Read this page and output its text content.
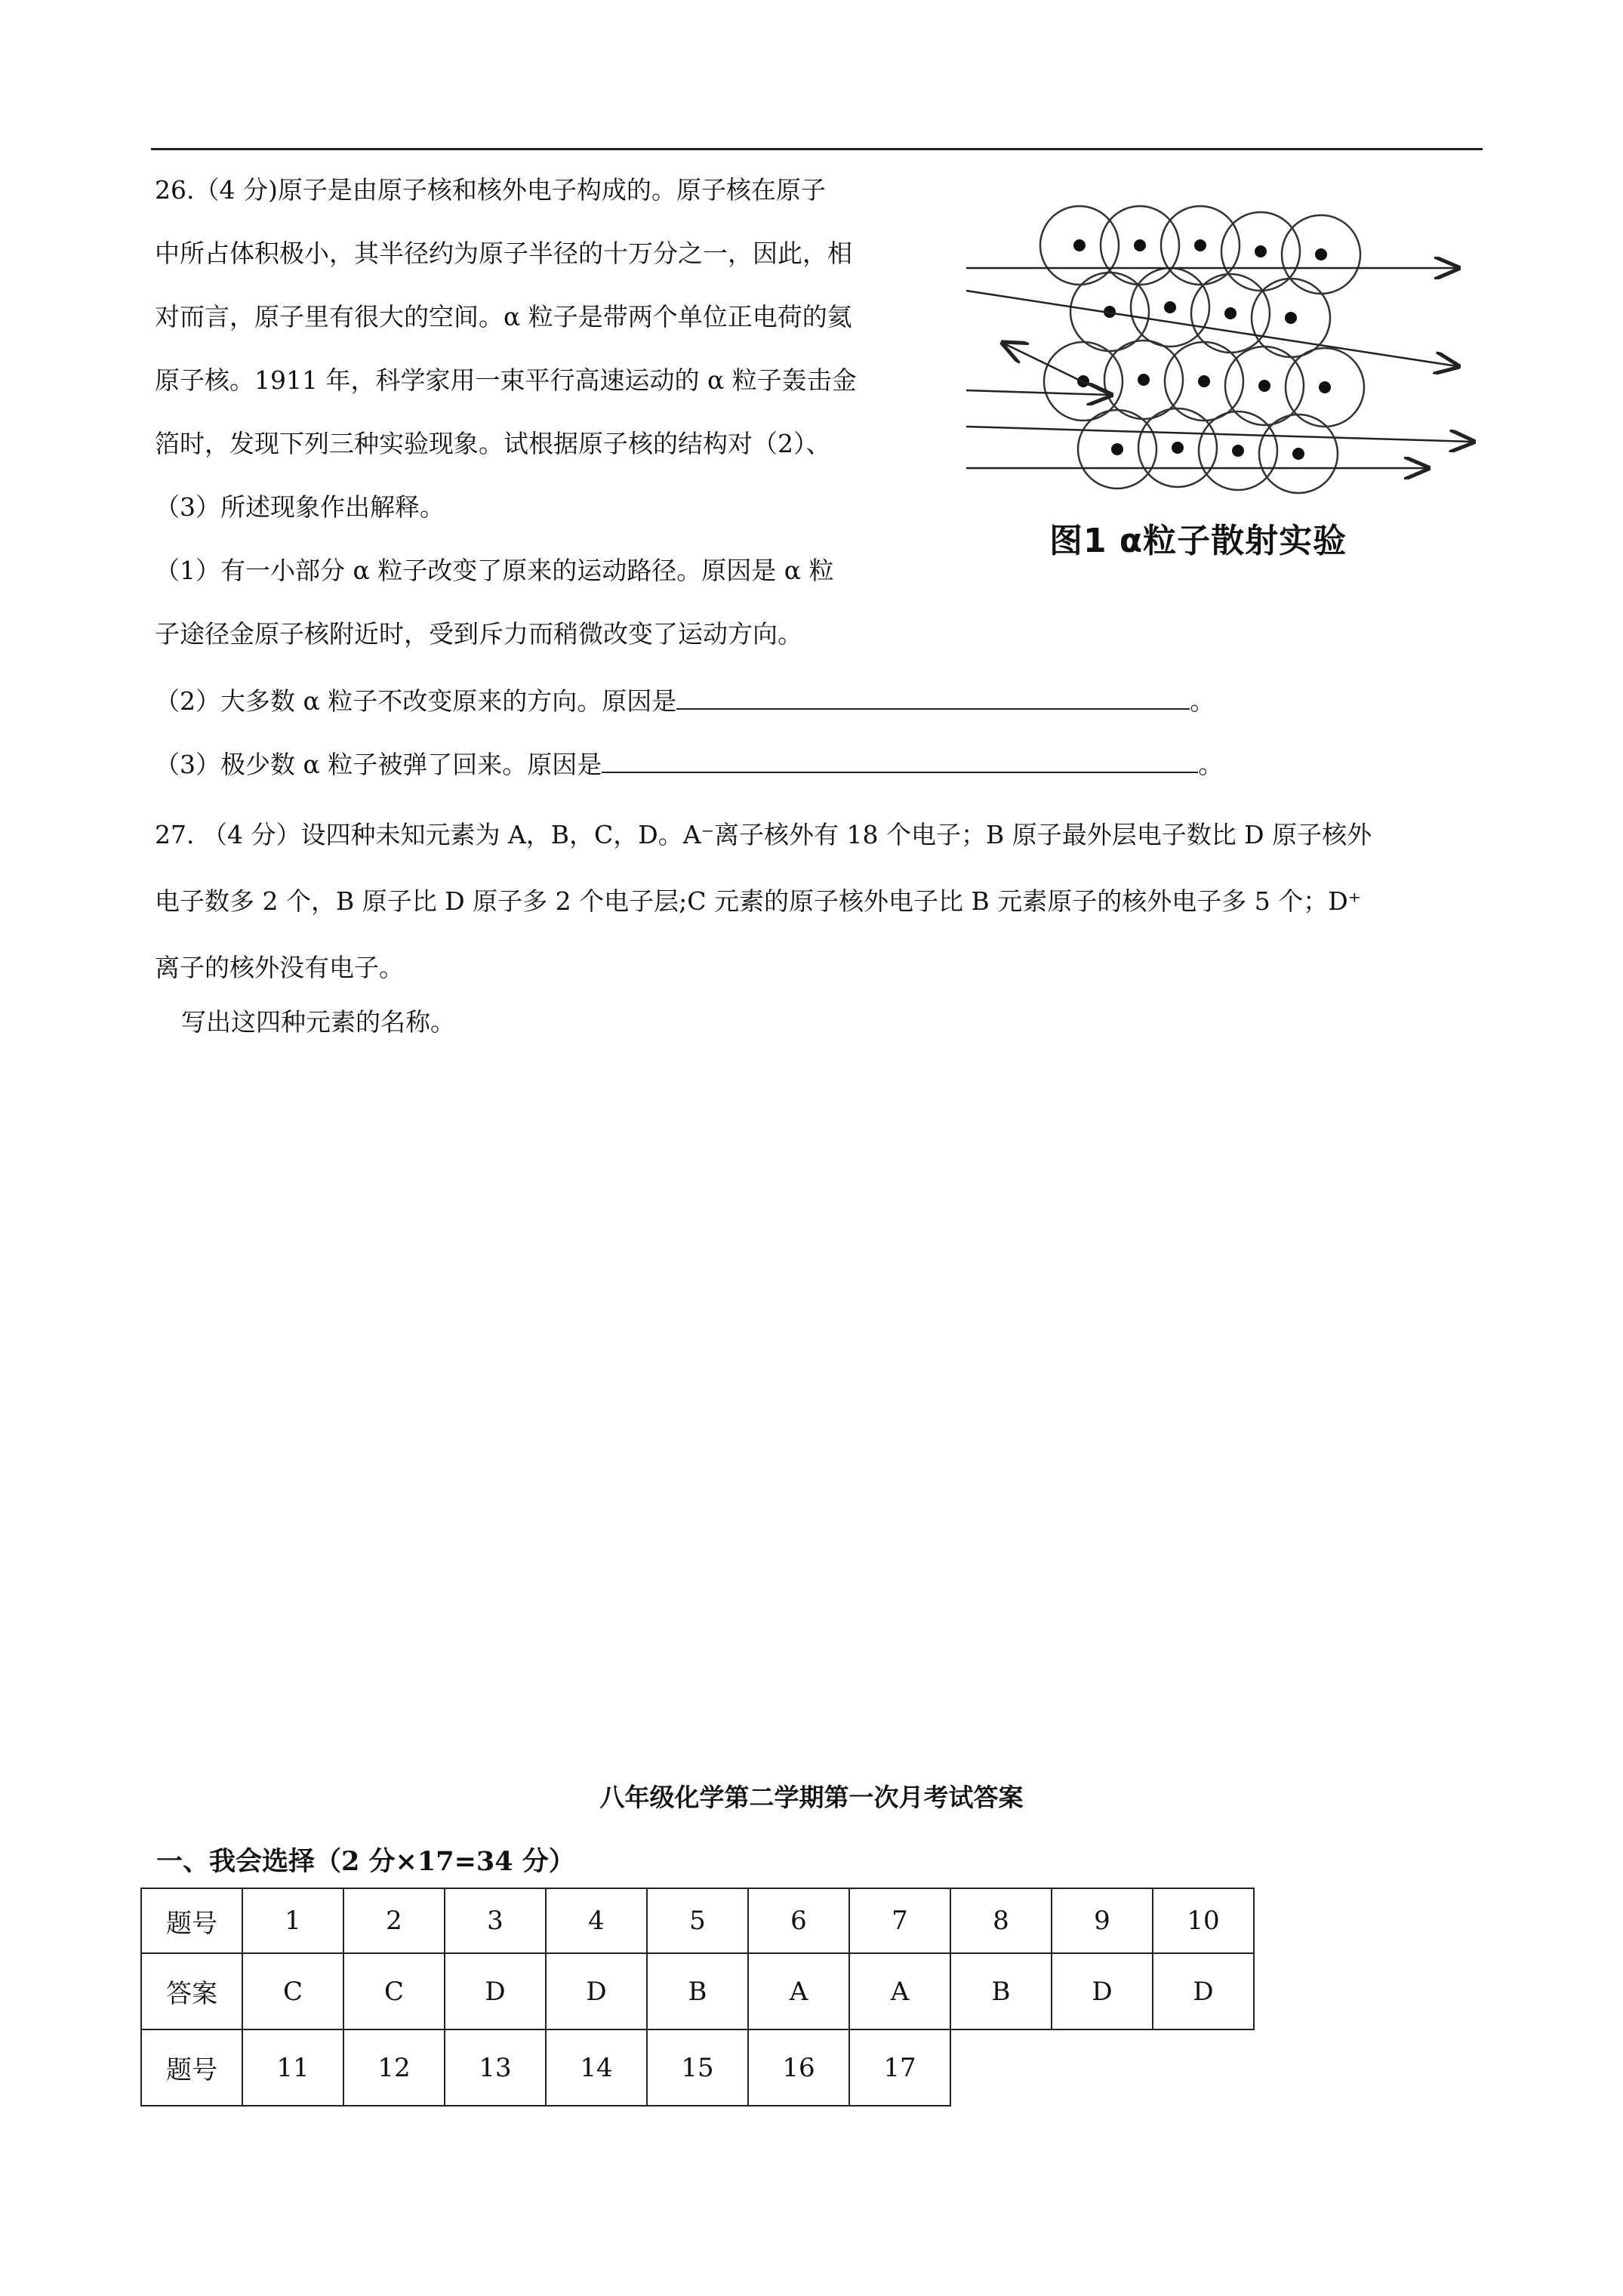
26.（4 分)原子是由原子核和核外电子构成的。原子核在原子
中所占体积极小，其半径约为原子半径的十万分之一，因此，相
对而言，原子里有很大的空间。α 粒子是带两个单位正电荷的氦
原子核。1911 年，科学家用一束平行高速运动的 α 粒子轰击金
箔时，发现下列三种实验现象。试根据原子核的结构对（2）、
（3）所述现象作出解释。
（1）有一小部分 α 粒子改变了原来的运动路径。原因是 α 粒
子途径金原子核附近时，受到斥力而稍微改变了运动方向。
（2）大多数 α 粒子不改变原来的方向。原因是	。
（3）极少数 α 粒子被弹了回来。原因是	。
图1 α粒子散射实验
27. （4 分）设四种未知元素为 A，B，C，D。A⁻离子核外有 18 个电子；B 原子最外层电子数比 D 原子核外
电子数多 2 个，B 原子比 D 原子多 2 个电子层;C 元素的原子核外电子比 B 元素原子的核外电子多 5 个；D⁺
离子的核外没有电子。
写出这四种元素的名称。
八年级化学第二学期第一次月考试答案
一、我会选择（2 分×17=34 分）
题号	1	2	3	4	5	6	7	8	9	10
答案	C	C	D	D	B	A	A	B	D	D
题号	11	12	13	14	15	16	17			
